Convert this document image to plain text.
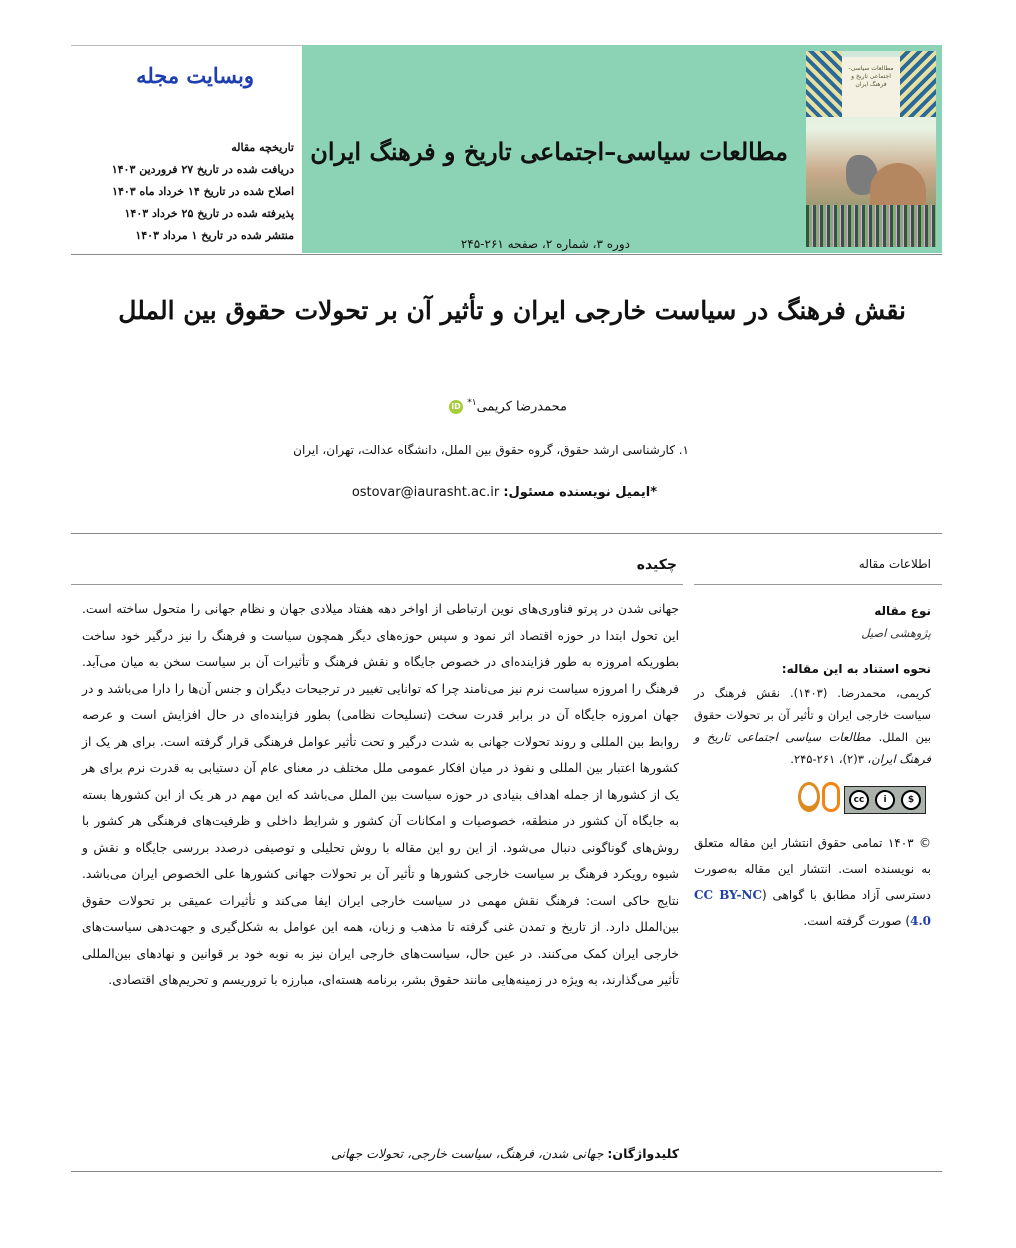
وبسایت مجله
تاریخچه مقاله
دریافت شده در تاریخ ۲۷ فروردین ۱۴۰۳
اصلاح شده در تاریخ ۱۴ خرداد ماه ۱۴۰۳
پذیرفته شده در تاریخ ۲۵ خرداد ۱۴۰۳
منتشر شده در تاریخ ۱ مرداد ۱۴۰۳
مطالعات سیاسی–اجتماعی تاریخ و فرهنگ ایران
دوره ۳، شماره ۲، صفحه ۲۶۱-۲۴۵

مطالعات سیاسی-اجتماعی تاریخ و فرهنگ ایران
نقش فرهنگ در سیاست خارجی ایران و تأثیر آن بر تحولات حقوق بین الملل
محمدرضا کریمی$^{۱*}$ iD
۱. کارشناسی ارشد حقوق، گروه حقوق بین الملل، دانشگاه عدالت، تهران، ایران
*ایمیل نویسنده مسئول: ostovar@iaurasht.ac.ir
اطلاعات مقاله
چکیده
نوع مقاله
پژوهشی اصیل
نحوه استناد به این مقاله:
کریمی، محمدرضا. (۱۴۰۳). نقش فرهنگ در سیاست خارجی ایران و تأثیر آن بر تحولات حقوق بین الملل. مطالعات سیاسی اجتماعی تاریخ و فرهنگ ایران، ۳(۲)، ۲۶۱-۲۴۵.
cc	i	$
© ۱۴۰۳ تمامی حقوق انتشار این مقاله متعلق به نویسنده است. انتشار این مقاله به‌صورت دسترسی آزاد مطابق با گواهی (CC BY-NC 4.0) صورت گرفته است.
جهانی شدن در پرتو فناوری‌های نوین ارتباطی از اواخر دهه هفتاد میلادی جهان و نظام جهانی را متحول ساخته است. این تحول ابتدا در حوزه اقتصاد اثر نمود و سپس حوزه‌های دیگر همچون سیاست و فرهنگ را نیز درگیر خود ساخت بطوریکه امروزه به طور فزاینده‌ای در خصوص جایگاه و نقش فرهنگ و تأثیرات آن بر سیاست سخن به میان می‌آید. فرهنگ را امروزه سیاست نرم نیز می‌نامند چرا که توانایی تغییر در ترجیحات دیگران و جنس آن‌ها را دارا می‌باشد و در جهان امروزه جایگاه آن در برابر قدرت سخت (تسلیحات نظامی) بطور فزاینده‌ای در حال افزایش است و عرصه روابط بین المللی و روند تحولات جهانی به شدت درگیر و تحت تأثیر عوامل فرهنگی قرار گرفته است. برای هر یک از کشورها اعتبار بین المللی و نفوذ در میان افکار عمومی ملل مختلف در معنای عام آن دستیابی به قدرت نرم برای هر یک از کشورها از جمله اهداف بنیادی در حوزه سیاست بین الملل می‌باشد که این مهم در هر یک از این کشورها بسته به جایگاه آن کشور در منطقه، خصوصیات و امکانات آن کشور و شرایط داخلی و ظرفیت‌های فرهنگی هر کشور با روش‌های گوناگونی دنبال می‌شود. از این رو این مقاله با روش تحلیلی و توصیفی درصدد بررسی جایگاه و نقش و شیوه رویکرد فرهنگ بر سیاست خارجی کشورها و تأثیر آن بر تحولات جهانی کشورها علی الخصوص ایران می‌باشد. نتایج حاکی است: فرهنگ نقش مهمی در سیاست خارجی ایران ایفا می‌کند و تأثیرات عمیقی بر تحولات حقوق بین‌الملل دارد. از تاریخ و تمدن غنی گرفته تا مذهب و زبان، همه این عوامل به شکل‌گیری و جهت‌دهی سیاست‌های خارجی ایران کمک می‌کنند. در عین حال، سیاست‌های خارجی ایران نیز به نوبه خود بر قوانین و نهادهای بین‌المللی تأثیر می‌گذارند، به ویژه در زمینه‌هایی مانند حقوق بشر، برنامه هسته‌ای، مبارزه با تروریسم و تحریم‌های اقتصادی.
کلیدواژگان: جهانی شدن، فرهنگ، سیاست خارجی، تحولات جهانی
